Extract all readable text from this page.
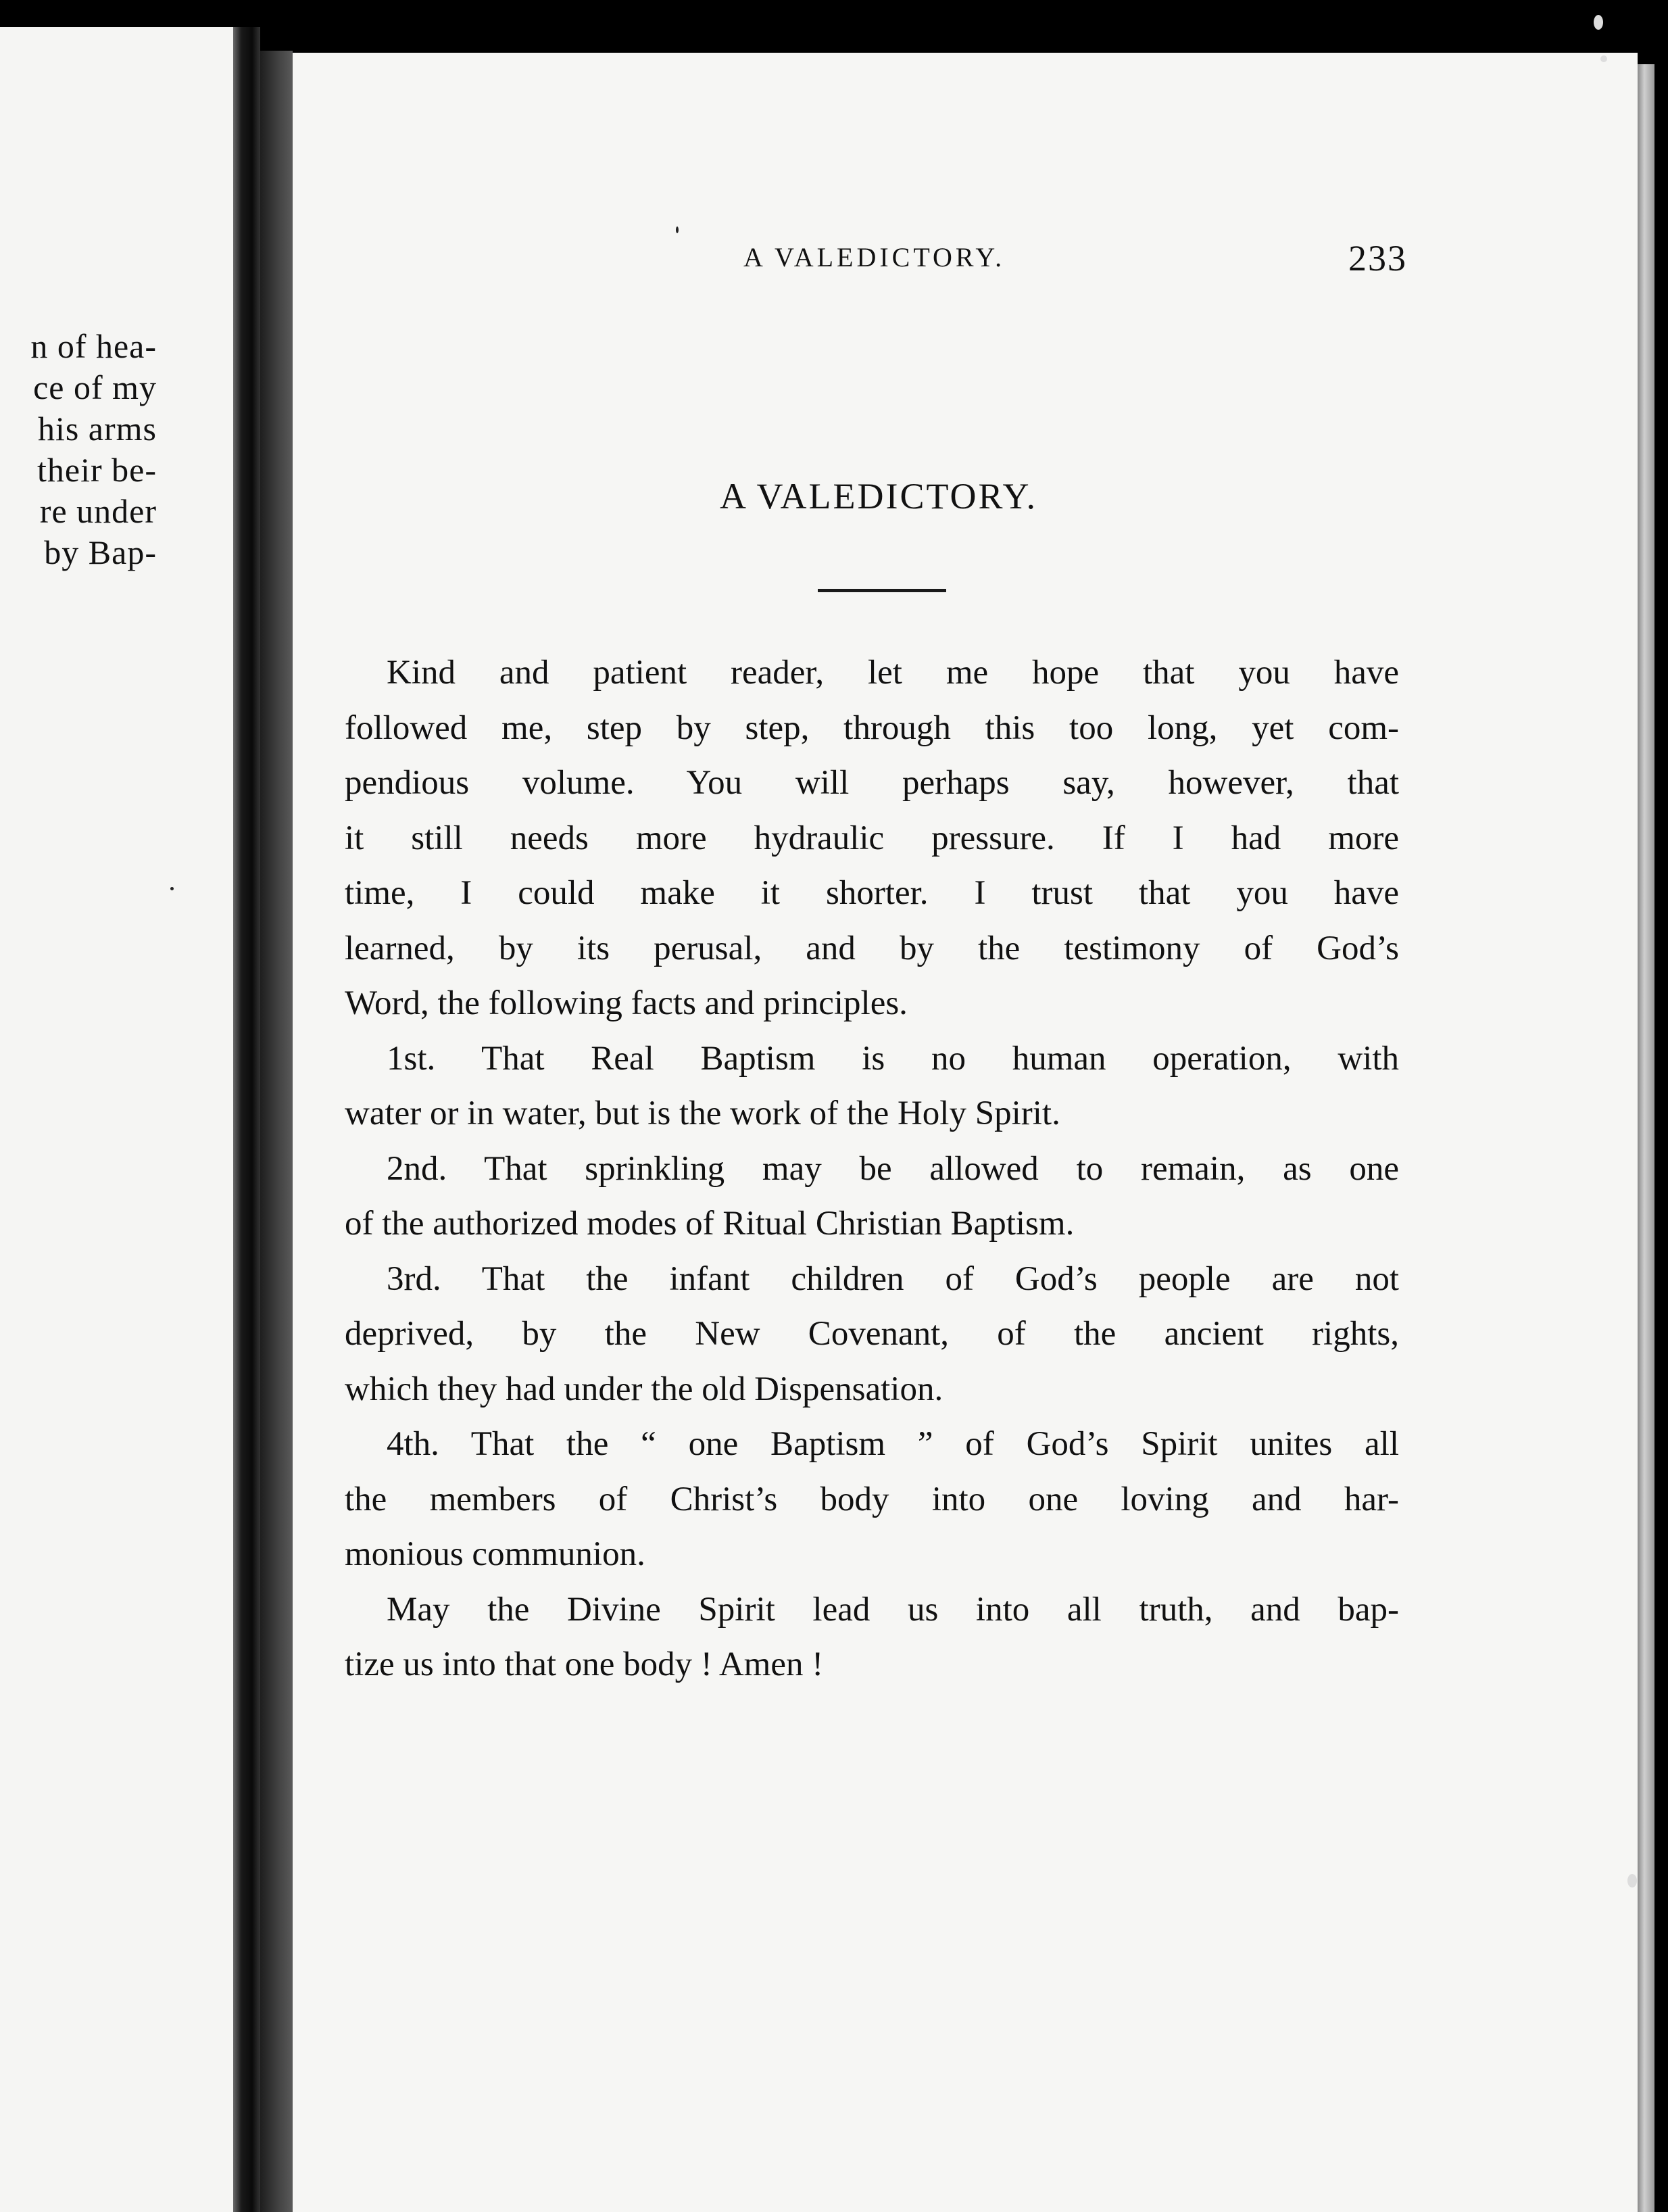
n of hea-
ce of my
his arms
their be-
re under
by Bap-
A VALEDICTORY.	233
A VALEDICTORY.
Kind and patient reader, let me hope that you have
followed me, step by step, through this too long, yet com-
pendious volume. You will perhaps say, however, that
it still needs more hydraulic pressure. If I had more
time, I could make it shorter. I trust that you have
learned, by its perusal, and by the testimony of God’s
Word, the following facts and principles.
1st. That Real Baptism is no human operation, with
water or in water, but is the work of the Holy Spirit.
2nd. That sprinkling may be allowed to remain, as one
of the authorized modes of Ritual Christian Baptism.
3rd. That the infant children of God’s people are not
deprived, by the New Covenant, of the ancient rights,
which they had under the old Dispensation.
4th. That the “ one Baptism ” of God’s Spirit unites all
the members of Christ’s body into one loving and har-
monious communion.
May the Divine Spirit lead us into all truth, and bap-
tize us into that one body ! Amen !
